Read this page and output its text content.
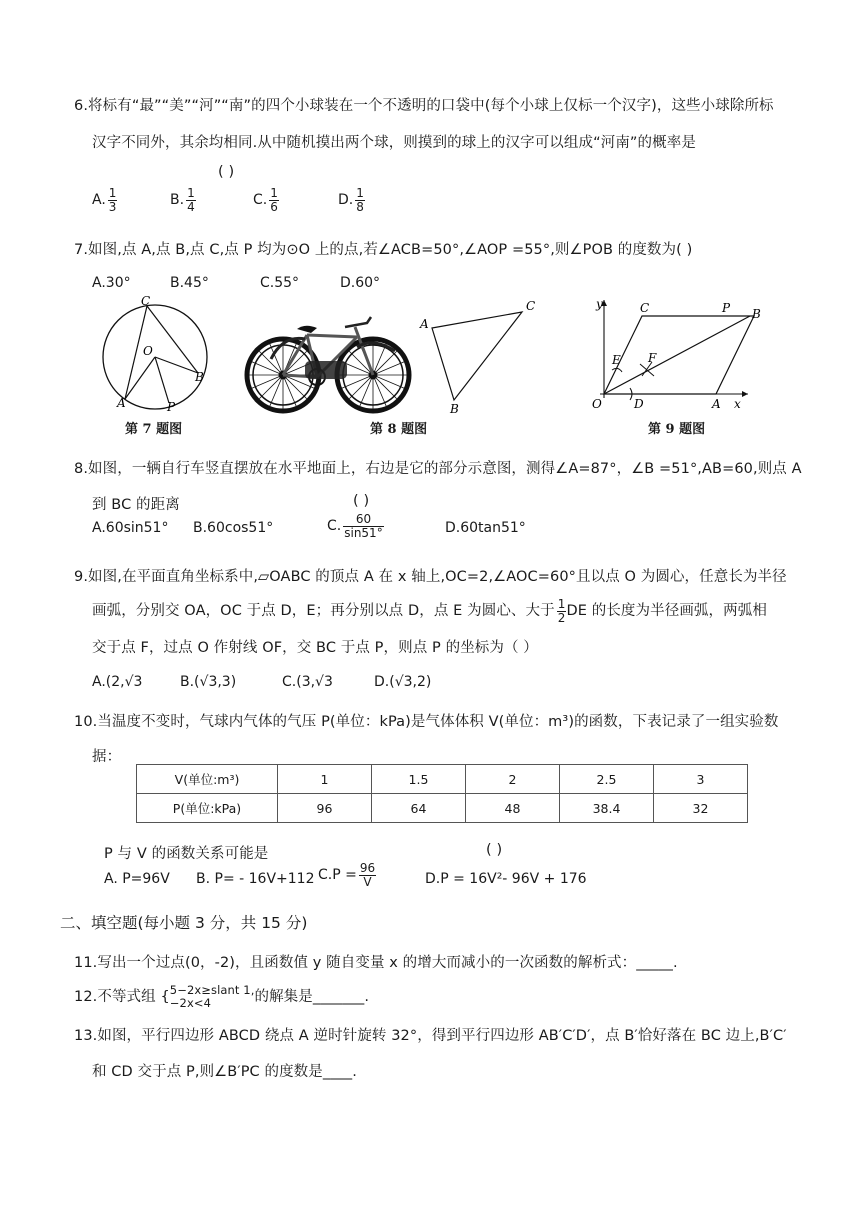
6.将标有“最”“美”“河”“南”的四个小球装在一个不透明的口袋中(每个小球上仅标一个汉字)，这些小球除所标
汉字不同外，其余均相同.从中随机摸出两个球，则摸到的球上的汉字可以组成“河南”的概率是
( )
A. $\frac{1}{3}$	B. $\frac{1}{4}$	C. $\frac{1}{6}$	D. $\frac{1}{8}$
7.如图,点 A,点 B,点 C,点 P 均为⊙O 上的点,若∠ACB=50°,∠AOP =55°,则∠POB 的度数为( )
A.30°	B.45°	C.55°	D.60°
C
O
B
A	P
第 7 题图	第 8 题图
A
C
B
y	C	P B
E F
O	D	A x
第 9 题图
8.如图，一辆自行车竖直摆放在水平地面上，右边是它的部分示意图，测得∠A=87°，∠B =51°,AB=60,则点 A
到 BC 的距离	( )
A.60sin51° B.60cos51°	C. $\frac{60}{\sin 51^\circ}$	D.60tan51°
9.如图,在平面直角坐标系中,▱OABC 的顶点 A 在 x 轴上,OC=2,∠AOC=60°且以点 O 为圆心，任意长为半径
画弧，分别交 OA，OC 于点 D，E；再分别以点 D，点 E 为圆心、大于 $\frac{1}{2}$ DE 的长度为半径画弧，两弧相
交于点 F，过点 O 作射线 OF，交 BC 于点 P，则点 P 的坐标为（ ）
A.(2,√3	B.(√3,3)	C.(3,√3	D.(√3,2)
10.当温度不变时，气球内气体的气压 P(单位：kPa)是气体体积 V(单位：m³)的函数，下表记录了一组实验数
据：
V(单位:m³)	1	1.5	2	2.5	3
P(单位:kPa)	96	64	48	38.4	32
P 与 V 的函数关系可能是	( )
A. P=96V B. P= - 16V+112 $C.P = \frac{96}{V}$	D.P = 16V²- 96V + 176
二、填空题(每小题 3 分，共 15 分)
11.写出一个过点(0，-2)，且函数值 y 随自变量 x 的增大而减小的一次函数的解析式：_____.
12.不等式组 { 5−2x≥slant 1,
−2x<4	的解集是_______.
13.如图，平行四边形 ABCD 绕点 A 逆时针旋转 32°，得到平行四边形 AB′C′D′，点 B′恰好落在 BC 边上,B′C′
和 CD 交于点 P,则∠B′PC 的度数是____.
